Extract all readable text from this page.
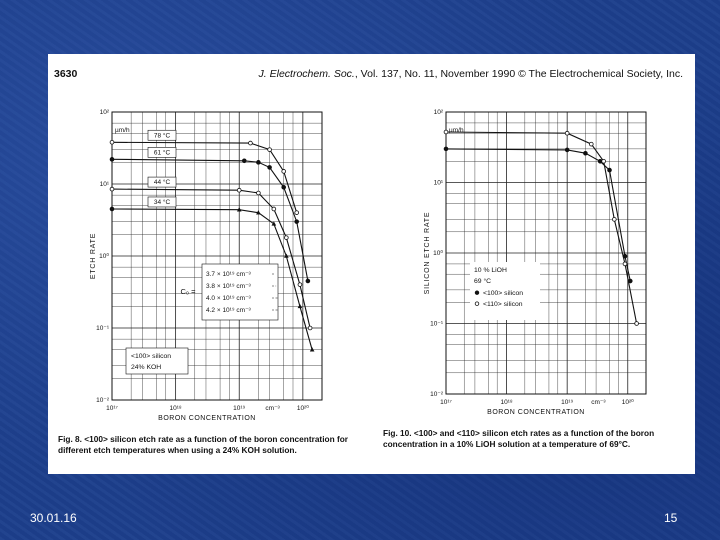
3630	J. Electrochem. Soc., Vol. 137, No. 11, November 1990 © The Electrochemical Society, Inc.
10¹⁷	10¹⁸	10¹⁹	10²⁰
10⁻²
10⁻¹
10⁰
10¹
10²
µm/h
cm⁻³
BORON CONCENTRATION
ETCH RATE
78 °C
61 °C
44 °C
34 °C
C₀ =
3.7 × 10¹⁹ cm⁻³
3.8 × 10¹⁹ cm⁻³
4.0 × 10¹⁹ cm⁻³
4.2 × 10¹⁹ cm⁻³
<100> silicon
24% KOH
10¹⁷	10¹⁸	10¹⁹	10²⁰
10⁻²
10⁻¹
10⁰
10¹
10²
µm/h
cm⁻³
BORON CONCENTRATION
SILICON ETCH RATE	10 % LiOH
69 °C
<100> silicon
<110> silicon
Fig. 8. <100> silicon etch rate as a function of the boron concentration for different etch temperatures when using a 24% KOH solution.
Fig. 10. <100> and <110> silicon etch rates as a function of the boron concentration in a 10% LiOH solution at a temperature of 69°C.
30.01.16	15
